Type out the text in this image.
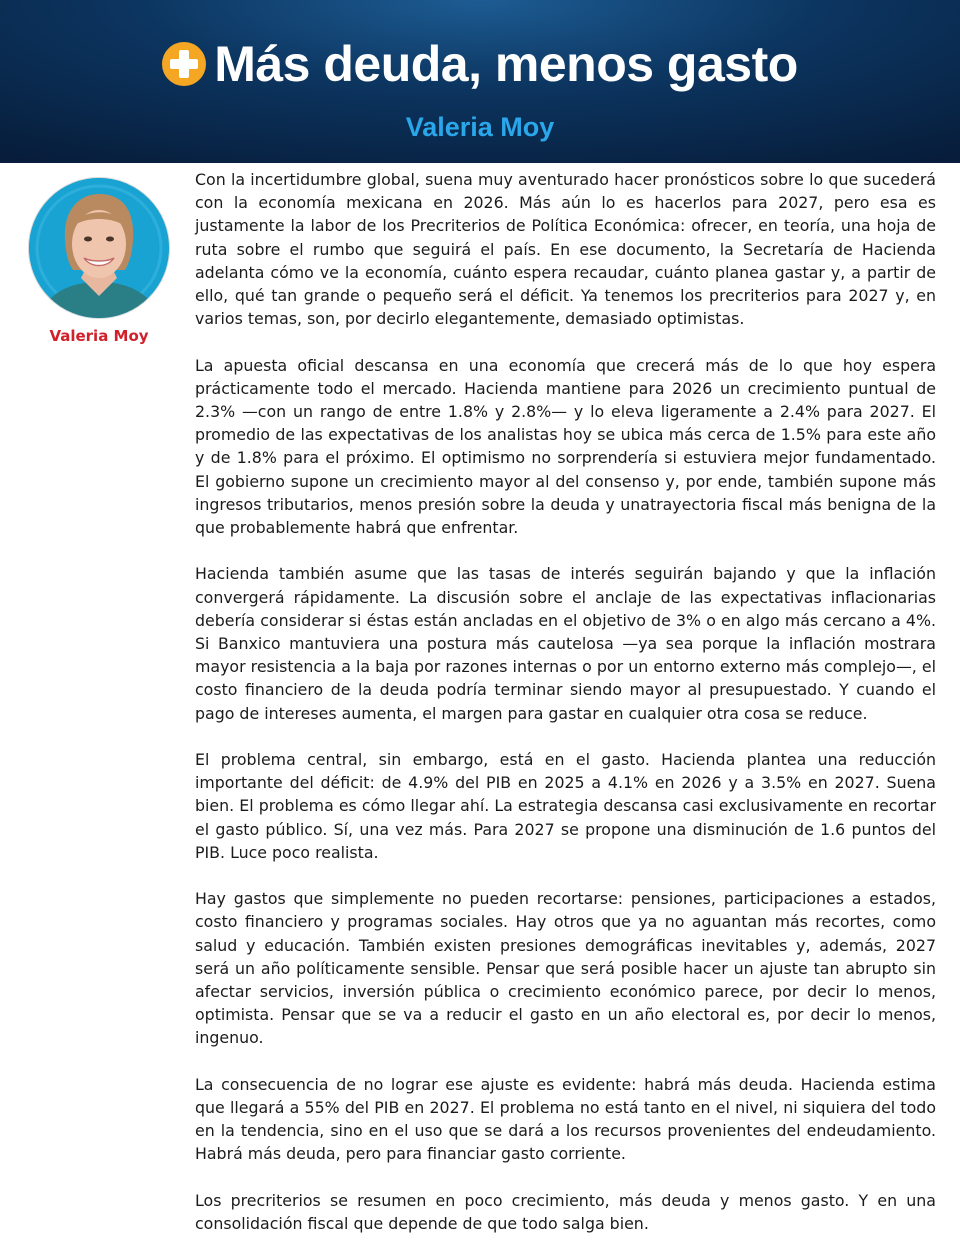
Más deuda, menos gasto
Valeria Moy
Valeria Moy

Con la incertidumbre global, suena muy aventurado hacer pronósticos sobre lo que sucederá con la economía mexicana en 2026. Más aún lo es hacerlos para 2027, pero esa es justamente la labor de los Precriterios de Política Económica: ofrecer, en teoría, una hoja de ruta sobre el rumbo que seguirá el país. En ese documento, la Secretaría de Hacienda adelanta cómo ve la economía, cuánto espera recaudar, cuánto planea gastar y, a partir de ello, qué tan grande o pequeño será el déficit. Ya tenemos los precriterios para 2027 y, en varios temas, son, por decirlo elegantemente, demasiado optimistas.

La apuesta oficial descansa en una economía que crecerá más de lo que hoy espera prácticamente todo el mercado. Hacienda mantiene para 2026 un crecimiento puntual de 2.3% —con un rango de entre 1.8% y 2.8%— y lo eleva ligeramente a 2.4% para 2027. El promedio de las expectativas de los analistas hoy se ubica más cerca de 1.5% para este año y de 1.8% para el próximo. El optimismo no sorprendería si estuviera mejor fundamentado. El gobierno supone un crecimiento mayor al del consenso y, por ende, también supone más ingresos tributarios, menos presión sobre la deuda y unatrayectoria fiscal más benigna de la que probablemente habrá que enfrentar.

Hacienda también asume que las tasas de interés seguirán bajando y que la inflación convergerá rápidamente. La discusión sobre el anclaje de las expectativas inflacionarias debería considerar si éstas están ancladas en el objetivo de 3% o en algo más cercano a 4%. Si Banxico mantuviera una postura más cautelosa —ya sea porque la inflación mostrara mayor resistencia a la baja por razones internas o por un entorno externo más complejo—, el costo financiero de la deuda podría terminar siendo mayor al presupuestado. Y cuando el pago de intereses aumenta, el margen para gastar en cualquier otra cosa se reduce.

El problema central, sin embargo, está en el gasto. Hacienda plantea una reducción importante del déficit: de 4.9% del PIB en 2025 a 4.1% en 2026 y a 3.5% en 2027. Suena bien. El problema es cómo llegar ahí. La estrategia descansa casi exclusivamente en recortar el gasto público. Sí, una vez más. Para 2027 se propone una disminución de 1.6 puntos del PIB. Luce poco realista.

Hay gastos que simplemente no pueden recortarse: pensiones, participaciones a estados, costo financiero y programas sociales. Hay otros que ya no aguantan más recortes, como salud y educación. También existen presiones demográficas inevitables y, además, 2027 será un año políticamente sensible. Pensar que será posible hacer un ajuste tan abrupto sin afectar servicios, inversión pública o crecimiento económico parece, por decir lo menos, optimista. Pensar que se va a reducir el gasto en un año electoral es, por decir lo menos, ingenuo.

La consecuencia de no lograr ese ajuste es evidente: habrá más deuda. Hacienda estima que llegará a 55% del PIB en 2027. El problema no está tanto en el nivel, ni siquiera del todo en la tendencia, sino en el uso que se dará a los recursos provenientes del endeudamiento. Habrá más deuda, pero para financiar gasto corriente.

Los precriterios se resumen en poco crecimiento, más deuda y menos gasto. Y en una consolidación fiscal que depende de que todo salga bien.
